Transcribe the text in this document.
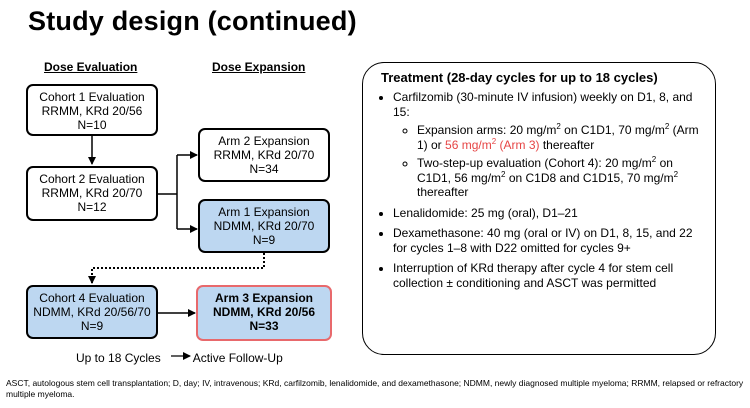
Study design (continued)
Dose Evaluation	Dose Expansion
Cohort 1 Evaluation
RRMM, KRd 20/56
N=10
Cohort 2 Evaluation
RRMM, KRd 20/70
N=12
Arm 2 Expansion
RRMM, KRd 20/70
N=34
Arm 1 Expansion
NDMM, KRd 20/70
N=9
Cohort 4 Evaluation
NDMM, KRd 20/56/70
N=9
Arm 3 Expansion
NDMM, KRd 20/56
N=33
Up to 18 Cycles	Active Follow-Up
Treatment (28-day cycles for up to 18 cycles)
• Carfilzomib (30-minute IV infusion) weekly on D1, 8, and 15:
◦ Expansion arms: 20 $mg/m^2$ on C1D1, 70 $mg/m^2$ (Arm 1) or 56 $mg/m^2$ (Arm 3) thereafter
◦ Two-step-up evaluation (Cohort 4): 20 $mg/m^2$ on C1D1, 56 $mg/m^2$ on C1D8 and C1D15, 70 $mg/m^2$ thereafter
• Lenalidomide: 25 mg (oral), D1–21
• Dexamethasone: 40 mg (oral or IV) on D1, 8, 15, and 22 for cycles 1–8 with D22 omitted for cycles 9+
• Interruption of KRd therapy after cycle 4 for stem cell collection ± conditioning and ASCT was permitted
ASCT, autologous stem cell transplantation; D, day; IV, intravenous; KRd, carfilzomib, lenalidomide, and dexamethasone; NDMM, newly diagnosed multiple myeloma; RRMM, relapsed or refractory multiple myeloma.
